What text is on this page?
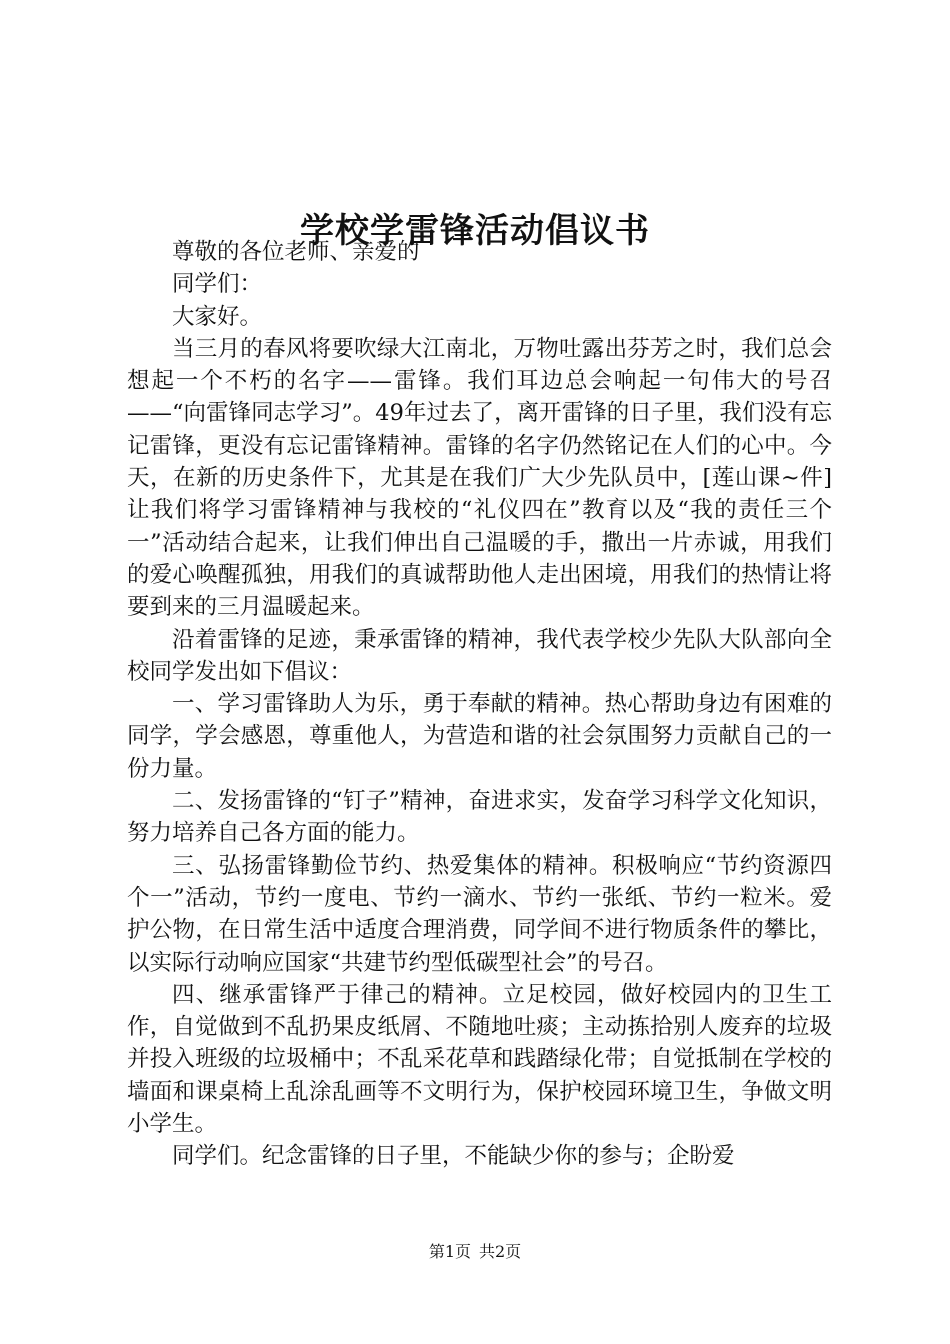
学校学雷锋活动倡议书

尊敬的各位老师、亲爱的

同学们：

大家好。

当三月的春风将要吹绿大江南北，万物吐露出芬芳之时，我们总会想起一个不朽的名字——雷锋。我们耳边总会响起一句伟大的号召——“向雷锋同志学习”。49年过去了，离开雷锋的日子里，我们没有忘记雷锋，更没有忘记雷锋精神。雷锋的名字仍然铭记在人们的心中。今天，在新的历史条件下，尤其是在我们广大少先队员中，[莲山课~件]让我们将学习雷锋精神与我校的“礼仪四在”教育以及“我的责任三个一”活动结合起来，让我们伸出自己温暖的手，撒出一片赤诚，用我们的爱心唤醒孤独，用我们的真诚帮助他人走出困境，用我们的热情让将要到来的三月温暖起来。

沿着雷锋的足迹，秉承雷锋的精神，我代表学校少先队大队部向全校同学发出如下倡议：

一、学习雷锋助人为乐，勇于奉献的精神。热心帮助身边有困难的同学，学会感恩，尊重他人，为营造和谐的社会氛围努力贡献自己的一份力量。

二、发扬雷锋的“钉子”精神，奋进求实，发奋学习科学文化知识，努力培养自己各方面的能力。

三、弘扬雷锋勤俭节约、热爱集体的精神。积极响应“节约资源四个一”活动，节约一度电、节约一滴水、节约一张纸、节约一粒米。爱护公物，在日常生活中适度合理消费，同学间不进行物质条件的攀比，以实际行动响应国家“共建节约型低碳型社会”的号召。

四、继承雷锋严于律己的精神。立足校园，做好校园内的卫生工作，自觉做到不乱扔果皮纸屑、不随地吐痰；主动拣拾别人废弃的垃圾并投入班级的垃圾桶中；不乱采花草和践踏绿化带；自觉抵制在学校的墙面和课桌椅上乱涂乱画等不文明行为，保护校园环境卫生，争做文明小学生。

同学们。纪念雷锋的日子里，不能缺少你的参与；企盼爱

第1页 共2页
